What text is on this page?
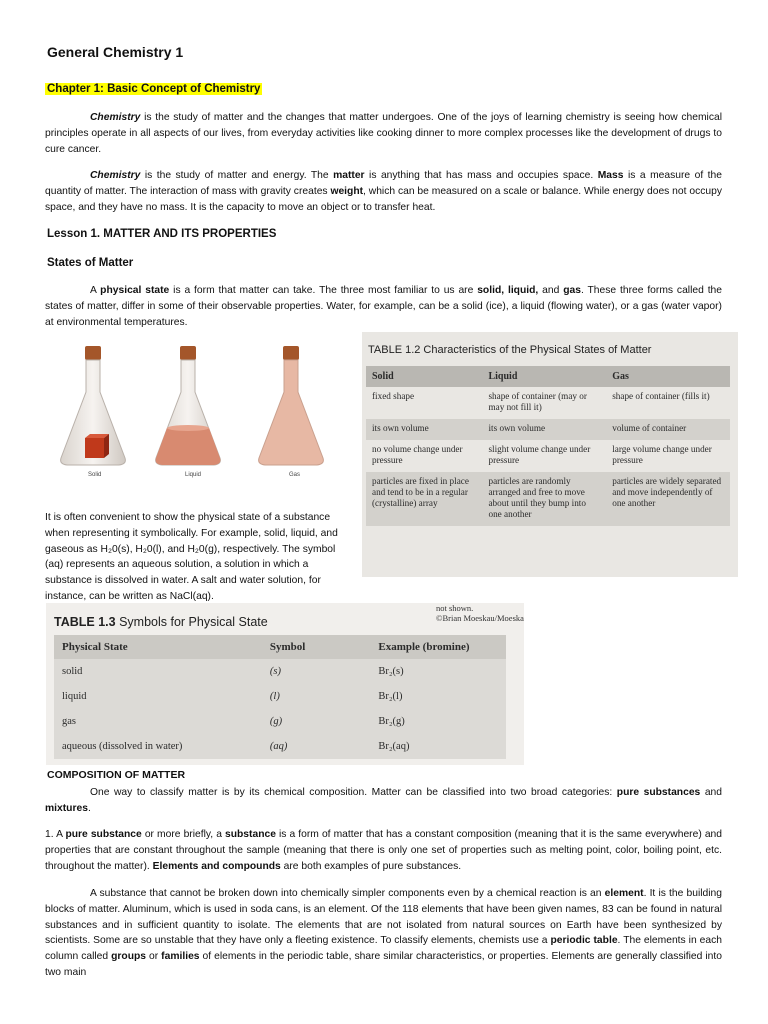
General Chemistry 1
Chapter 1: Basic Concept of Chemistry
Chemistry is the study of matter and the changes that matter undergoes. One of the joys of learning chemistry is seeing how chemical principles operate in all aspects of our lives, from everyday activities like cooking dinner to more complex processes like the development of drugs to cure cancer.
Chemistry is the study of matter and energy. The matter is anything that has mass and occupies space. Mass is a measure of the quantity of matter. The interaction of mass with gravity creates weight, which can be measured on a scale or balance. While energy does not occupy space, and they have no mass. It is the capacity to move an object or to transfer heat.
Lesson 1. MATTER AND ITS PROPERTIES
States of Matter
A physical state is a form that matter can take. The three most familiar to us are solid, liquid, and gas. These three forms called the states of matter, differ in some of their observable properties. Water, for example, can be a solid (ice), a liquid (flowing water), or a gas (water vapor) at environmental temperatures.
Solid	Liquid	Gas
TABLE 1.2 Characteristics of the Physical States of Matter
Solid	Liquid	Gas
fixed shape	shape of container (may or may not fill it)	shape of container (fills it)
its own volume	its own volume	volume of container
no volume change under pressure	slight volume change under pressure	large volume change under pressure
particles are fixed in place and tend to be in a regular (crystalline) array	particles are randomly arranged and free to move about until they bump into one another	particles are widely separated and move independently of one another
It is often convenient to show the physical state of a substance when representing it symbolically. For example, solid, liquid, and gaseous as H₂0(s), H₂0(l), and H₂0(g), respectively. The symbol (aq) represents an aqueous solution, a solution in which a substance is dissolved in water. A salt and water solution, for instance, can be written as NaCl(aq).
not shown.
©Brian Moeskau/Moeska
TABLE 1.3 Symbols for Physical State
Physical State	Symbol	Example (bromine)
solid	(s)	Br₂(s)
liquid	(l)	Br₂(l)
gas	(g)	Br₂(g)
aqueous (dissolved in water)	(aq)	Br₂(aq)
COMPOSITION OF MATTER
One way to classify matter is by its chemical composition. Matter can be classified into two broad categories: pure substances and mixtures.
1. A pure substance or more briefly, a substance is a form of matter that has a constant composition (meaning that it is the same everywhere) and properties that are constant throughout the sample (meaning that there is only one set of properties such as melting point, color, boiling point, etc. throughout the matter). Elements and compounds are both examples of pure substances.
A substance that cannot be broken down into chemically simpler components even by a chemical reaction is an element. It is the building blocks of matter. Aluminum, which is used in soda cans, is an element. Of the 118 elements that have been given names, 83 can be found in natural substances and in sufficient quantity to isolate. The elements that are not isolated from natural sources on Earth have been synthesized by scientists. Some are so unstable that they have only a fleeting existence. To classify elements, chemists use a periodic table. The elements in each column called groups or families of elements in the periodic table, share similar characteristics, or properties. Elements are generally classified into two main
